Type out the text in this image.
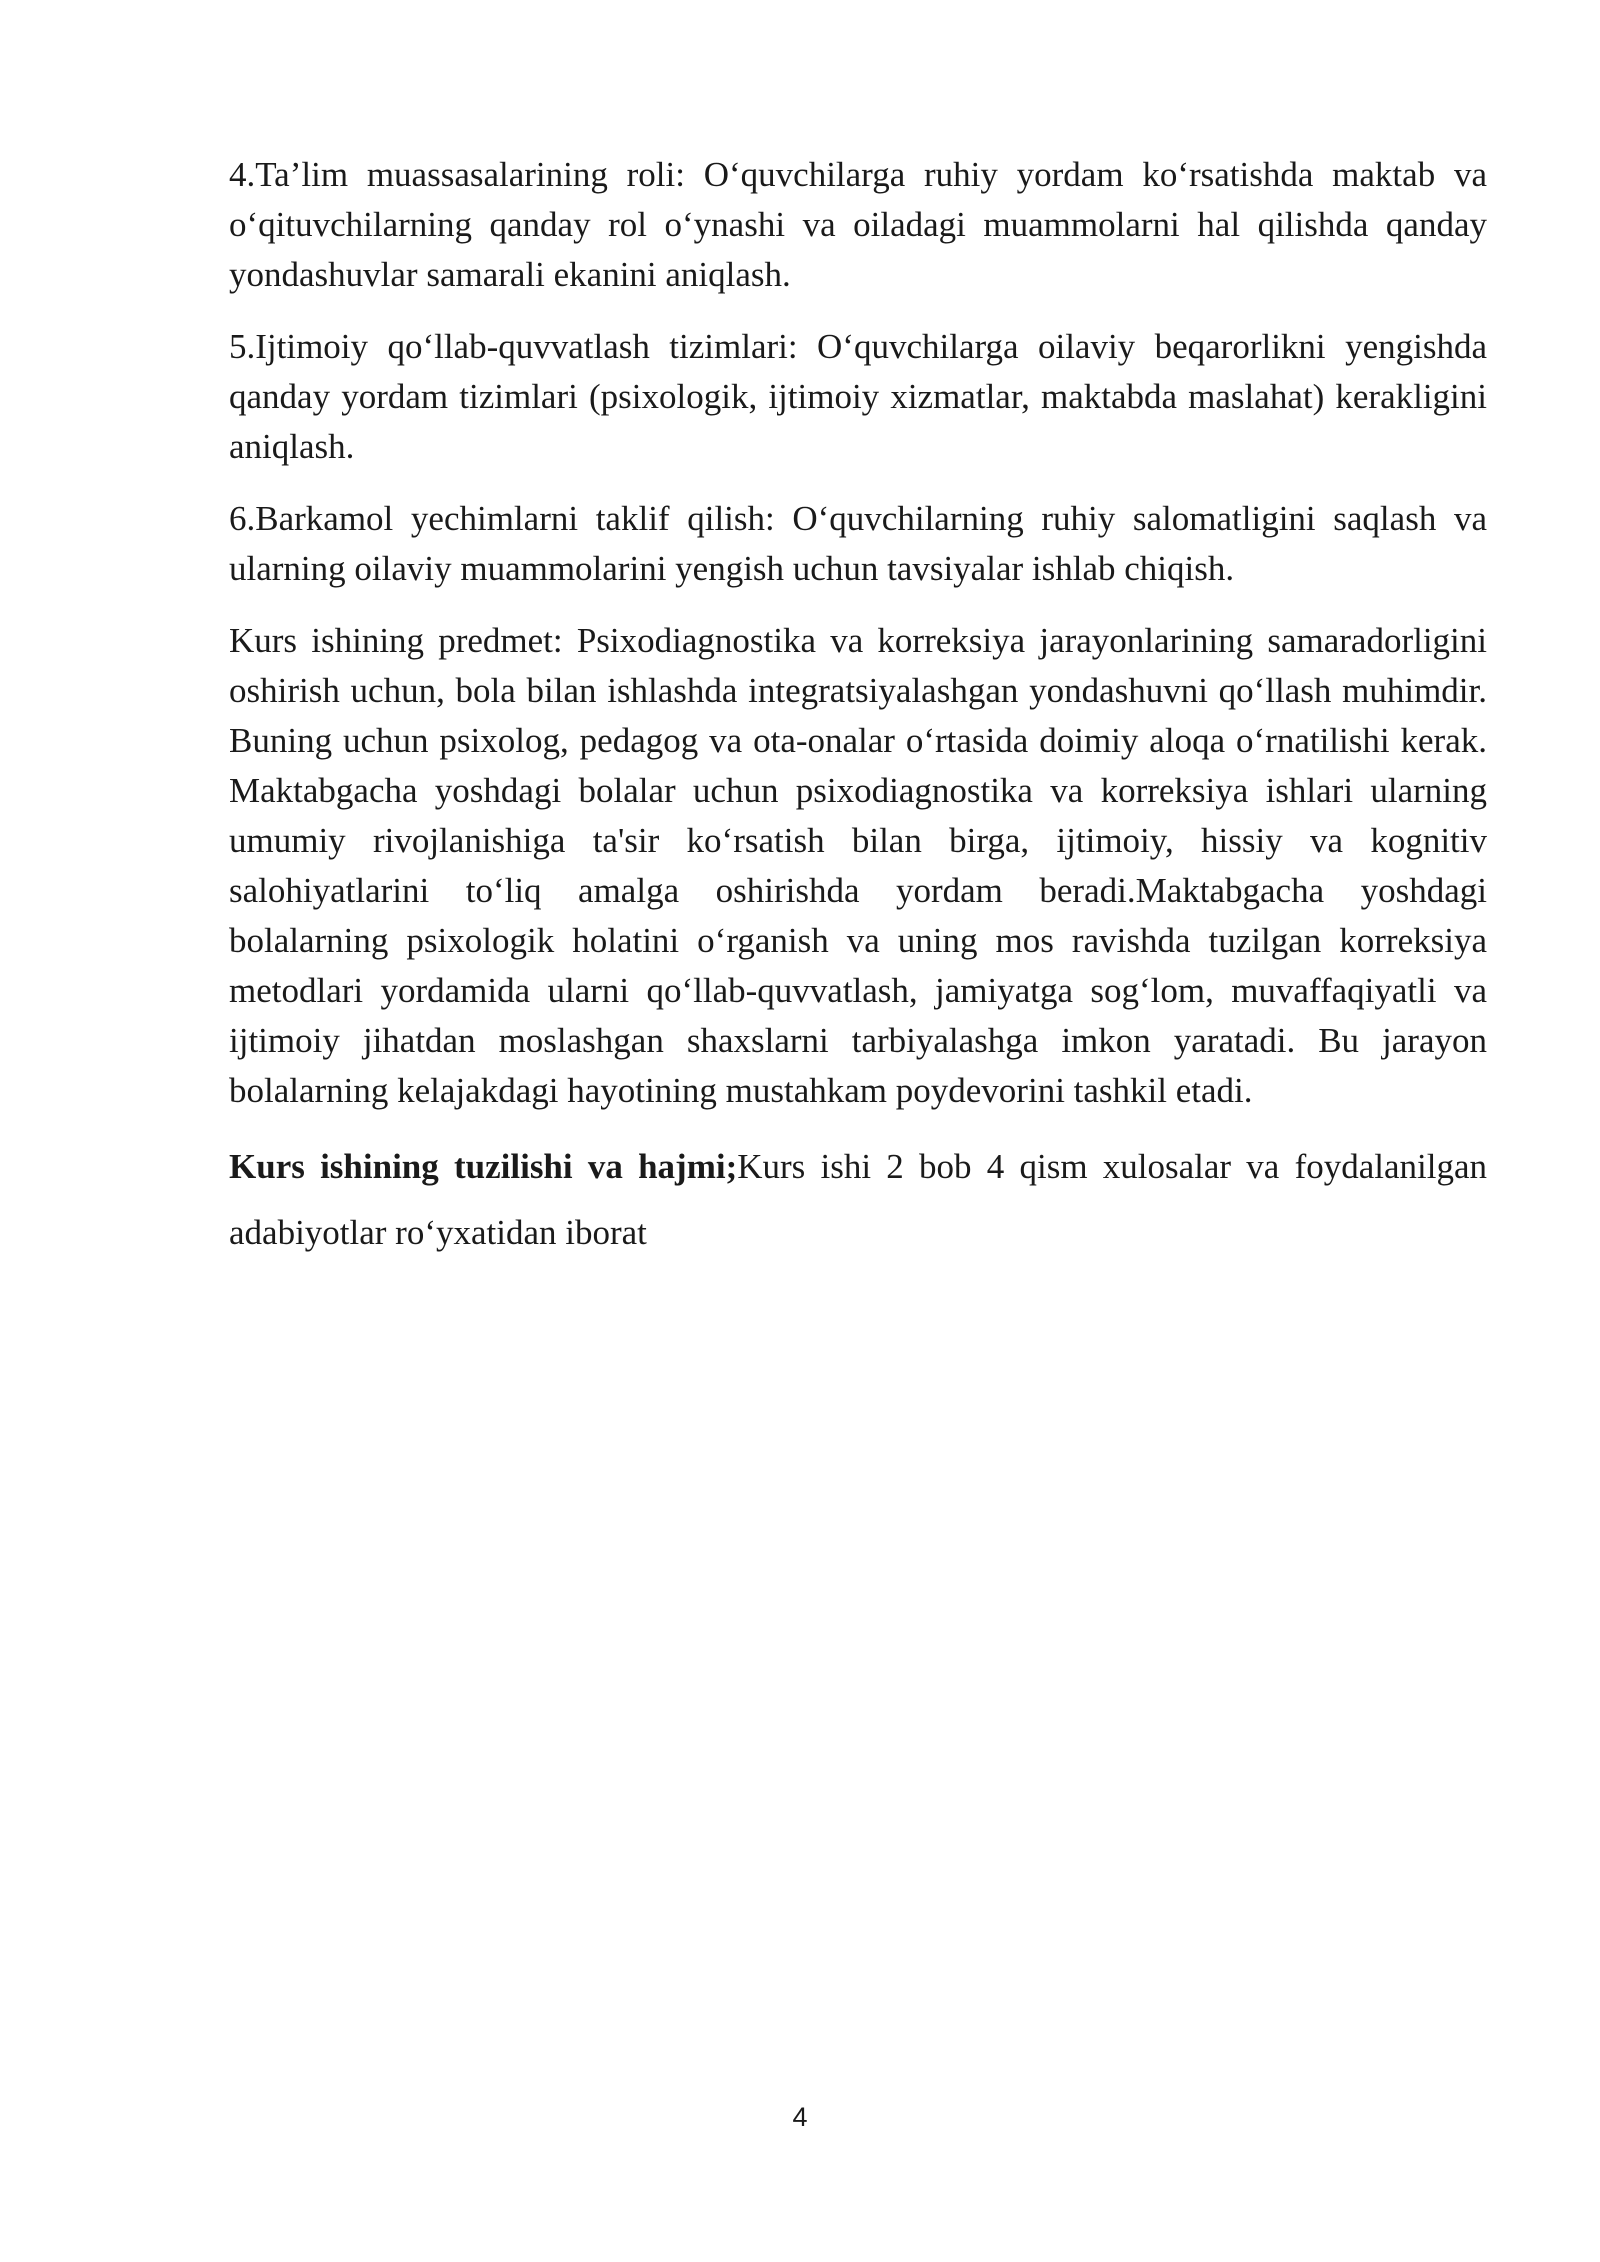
4.Ta’lim muassasalarining roli: O‘quvchilarga ruhiy yordam ko‘rsatishda maktab va o‘qituvchilarning qanday rol o‘ynashi va oiladagi muammolarni hal qilishda qanday yondashuvlar samarali ekanini aniqlash.

5.Ijtimoiy qo‘llab-quvvatlash tizimlari: O‘quvchilarga oilaviy beqarorlikni yengishda qanday yordam tizimlari (psixologik, ijtimoiy xizmatlar, maktabda maslahat) kerakligini aniqlash.

6.Barkamol yechimlarni taklif qilish: O‘quvchilarning ruhiy salomatligini saqlash va ularning oilaviy muammolarini yengish uchun tavsiyalar ishlab chiqish.

Kurs ishining predmet: Psixodiagnostika va korreksiya jarayonlarining samaradorligini oshirish uchun, bola bilan ishlashda integratsiyalashgan yondashuvni qo‘llash muhimdir. Buning uchun psixolog, pedagog va ota-onalar o‘rtasida doimiy aloqa o‘rnatilishi kerak. Maktabgacha yoshdagi bolalar uchun psixodiagnostika va korreksiya ishlari ularning umumiy rivojlanishiga ta'sir ko‘rsatish bilan birga, ijtimoiy, hissiy va kognitiv salohiyatlarini to‘liq amalga oshirishda yordam beradi.Maktabgacha yoshdagi bolalarning psixologik holatini o‘rganish va uning mos ravishda tuzilgan korreksiya metodlari yordamida ularni qo‘llab-quvvatlash, jamiyatga sog‘lom, muvaffaqiyatli va ijtimoiy jihatdan moslashgan shaxslarni tarbiyalashga imkon yaratadi. Bu jarayon bolalarning kelajakdagi hayotining mustahkam poydevorini tashkil etadi.

Kurs ishining tuzilishi va hajmi;Kurs ishi 2 bob 4 qism xulosalar va foydalanilgan adabiyotlar ro‘yxatidan iborat

4
